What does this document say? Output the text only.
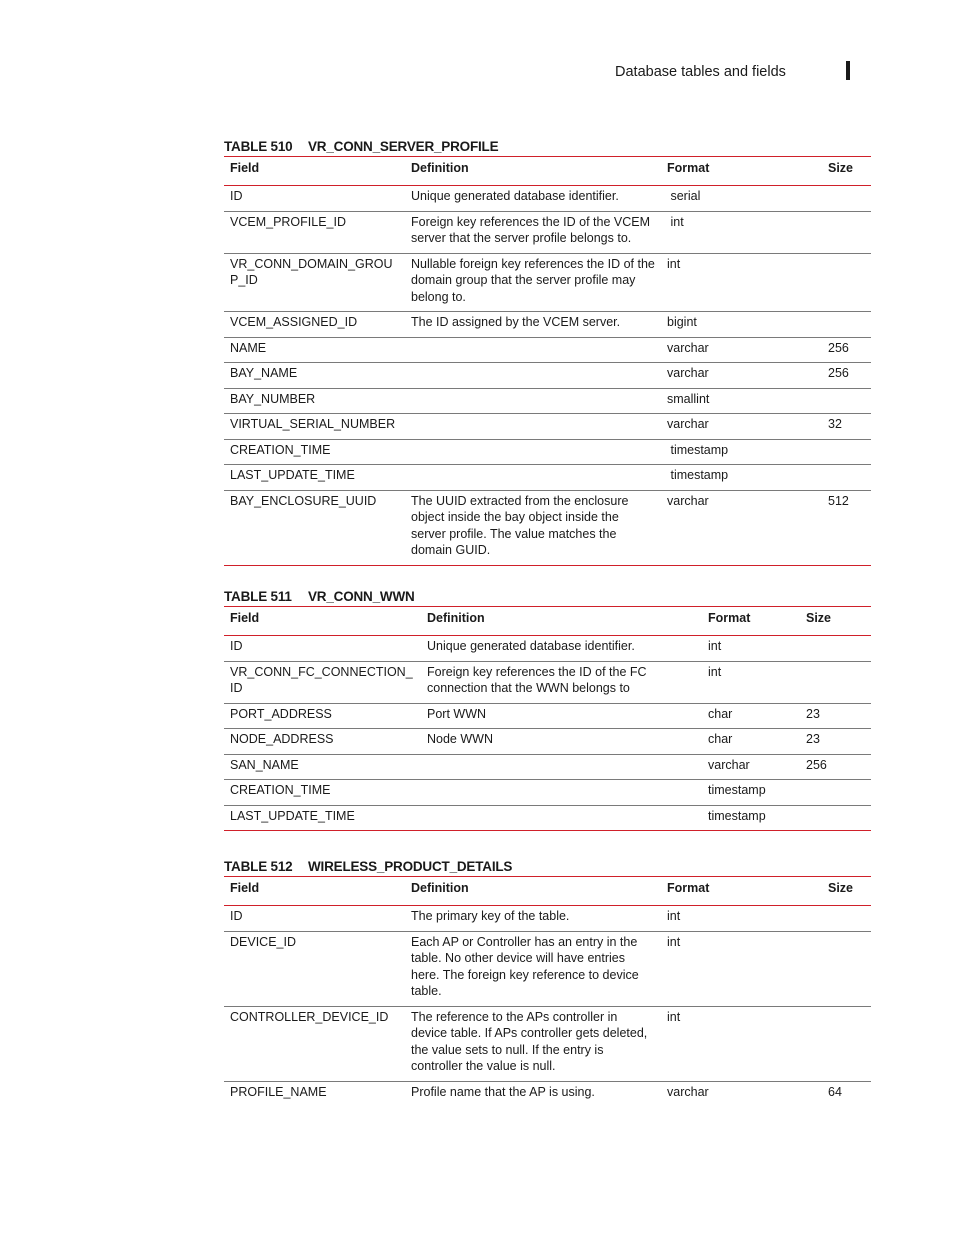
Database tables and fields
TABLE 510 VR_CONN_SERVER_PROFILE
Field	Definition	Format	Size
ID	Unique generated database identifier.	serial	
VCEM_PROFILE_ID	Foreign key references the ID of the VCEM server that the server profile belongs to.	int	
VR_CONN_DOMAIN_GROUP_ID	Nullable foreign key references the ID of the domain group that the server profile may belong to.	int	
VCEM_ASSIGNED_ID	The ID assigned by the VCEM server.	bigint	
NAME		varchar	256
BAY_NAME		varchar	256
BAY_NUMBER		smallint	
VIRTUAL_SERIAL_NUMBER		varchar	32
CREATION_TIME		timestamp	
LAST_UPDATE_TIME		timestamp	
BAY_ENCLOSURE_UUID	The UUID extracted from the enclosure object inside the bay object inside the server profile. The value matches the domain GUID.	varchar	512
TABLE 511 VR_CONN_WWN
Field	Definition	Format	Size
ID	Unique generated database identifier.	int	
VR_CONN_FC_CONNECTION_ID	Foreign key references the ID of the FC connection that the WWN belongs to	int	
PORT_ADDRESS	Port WWN	char	23
NODE_ADDRESS	Node WWN	char	23
SAN_NAME		varchar	256
CREATION_TIME		timestamp	
LAST_UPDATE_TIME		timestamp	
TABLE 512 WIRELESS_PRODUCT_DETAILS
Field	Definition	Format	Size
ID	The primary key of the table.	int	
DEVICE_ID	Each AP or Controller has an entry in the table. No other device will have entries here. The foreign key reference to device table.	int	
CONTROLLER_DEVICE_ID	The reference to the APs controller in device table. If APs controller gets deleted, the value sets to null. If the entry is controller the value is null.	int	
PROFILE_NAME	Profile name that the AP is using.	varchar	64
